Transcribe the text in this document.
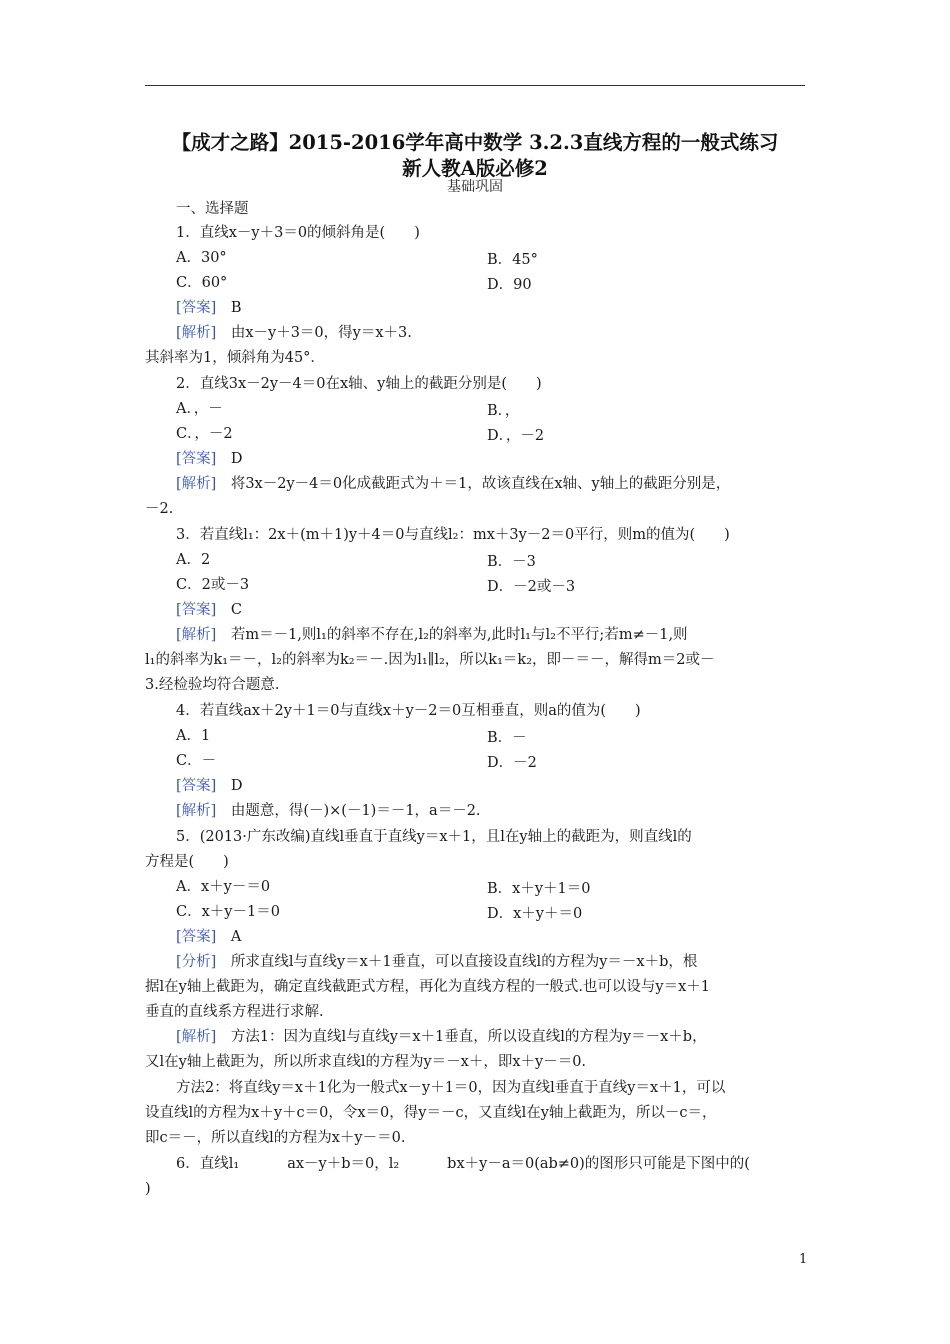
【成才之路】2015-2016学年高中数学 3.2.3直线方程的一般式练习
新人教A版必修2
基础巩固
一、选择题
1．直线x－y＋3＝0的倾斜角是(　　)
A．30°	B．45°
C．60°	D．90
[答案]　 B
[解析]　 由x－y＋3＝0，得y＝x＋3.
其斜率为1，倾斜角为45°．
2．直线3x－2y－4＝0在x轴、y轴上的截距分别是(　　)
A．，－	B．，
C．，－2	D．，－2
[答案]　 D
[解析]　 将3x－2y－4＝0化成截距式为＋＝1，故该直线在x轴、y轴上的截距分别是，
－2.
3．若直线l₁：2x＋(m＋1)y＋4＝0与直线l₂：mx＋3y－2＝0平行，则m的值为(　　)
A．2	B．－3
C．2或－3	D．－2或－3
[答案]　 C
[解析]　 若m＝－1,则l₁的斜率不存在,l₂的斜率为,此时l₁与l₂不平行;若m≠－1,则
l₁的斜率为k₁＝－，l₂的斜率为k₂＝－.因为l₁∥l₂，所以k₁＝k₂，即－＝－，解得m＝2或－
3.经检验均符合题意.
4．若直线ax＋2y＋1＝0与直线x＋y－2＝0互相垂直，则a的值为(　　)
A．1	B．－
C．－	D．－2
[答案]　 D
[解析]　 由题意，得(－)×(－1)＝－1，a＝－2.
5．(2013·广东改编)直线l垂直于直线y＝x＋1，且l在y轴上的截距为，则直线l的
方程是(　　)
A．x＋y－＝0	B．x＋y＋1＝0
C．x＋y－1＝0	D．x＋y＋＝0
[答案]　 A
[分析]　 所求直线l与直线y＝x＋1垂直，可以直接设直线l的方程为y＝－x＋b，根
据l在y轴上截距为，确定直线截距式方程，再化为直线方程的一般式.也可以设与y＝x＋1
垂直的直线系方程进行求解.
[解析]　 方法1：因为直线l与直线y＝x＋1垂直，所以设直线l的方程为y＝－x＋b，
又l在y轴上截距为，所以所求直线l的方程为y＝－x＋，即x＋y－＝0.
方法2：将直线y＝x＋1化为一般式x－y＋1＝0，因为直线l垂直于直线y＝x＋1，可以
设直线l的方程为x＋y＋c＝0，令x＝0，得y＝－c，又直线l在y轴上截距为，所以－c＝，
即c＝－，所以直线l的方程为x＋y－＝0.
6．直线l₁	ax－y＋b＝0，l₂	bx＋y－a＝0(ab≠0)的图形只可能是下图中的(
)
1
